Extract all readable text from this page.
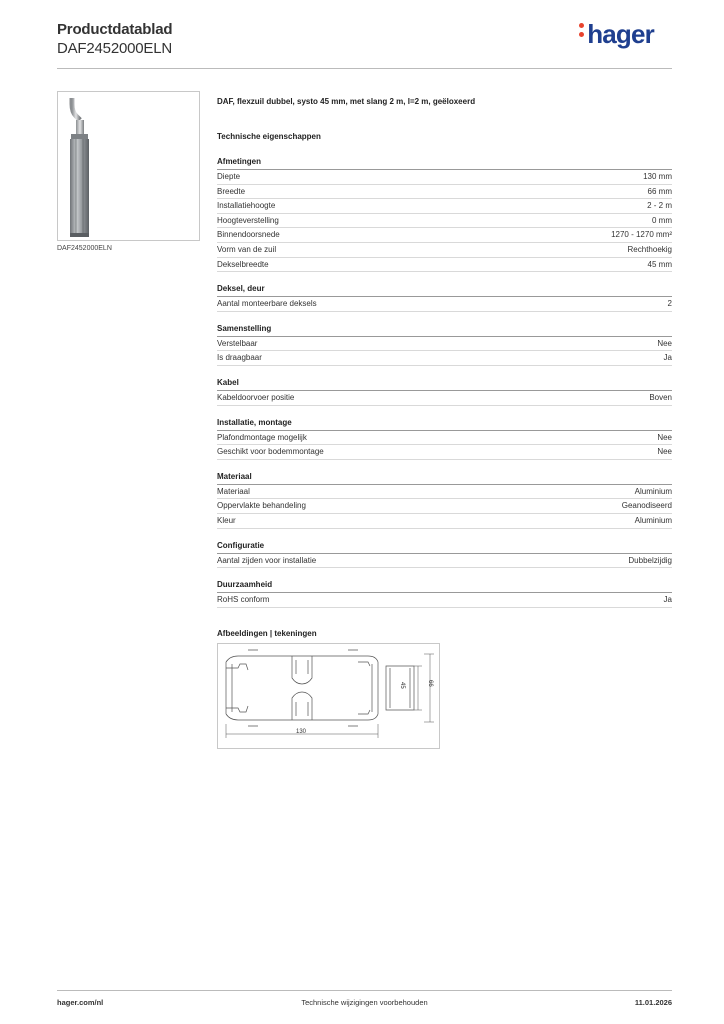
Productdatablad
DAF2452000ELN	hager
DAF2452000ELN
DAF, flexzuil dubbel, systo 45 mm, met slang 2 m, l=2 m, geëloxeerd
Technische eigenschappen
Afmetingen
Diepte	130 mm
Breedte	66 mm
Installatiehoogte	2 - 2 m
Hoogteverstelling	0 mm
Binnendoorsnede	1270 - 1270 mm²
Vorm van de zuil	Rechthoekig
Dekselbreedte	45 mm
Deksel, deur
Aantal monteerbare deksels	2
Samenstelling
Verstelbaar	Nee
Is draagbaar	Ja
Kabel
Kabeldoorvoer positie	Boven
Installatie, montage
Plafondmontage mogelijk	Nee
Geschikt voor bodemmontage	Nee
Materiaal
Materiaal	Aluminium
Oppervlakte behandeling	Geanodiseerd
Kleur	Aluminium
Configuratie
Aantal zijden voor installatie	Dubbelzijdig
Duurzaamheid
RoHS conform	Ja
Afbeeldingen | tekeningen
130
45	66
hager.com/nl	Technische wijzigingen voorbehouden	11.01.2026
